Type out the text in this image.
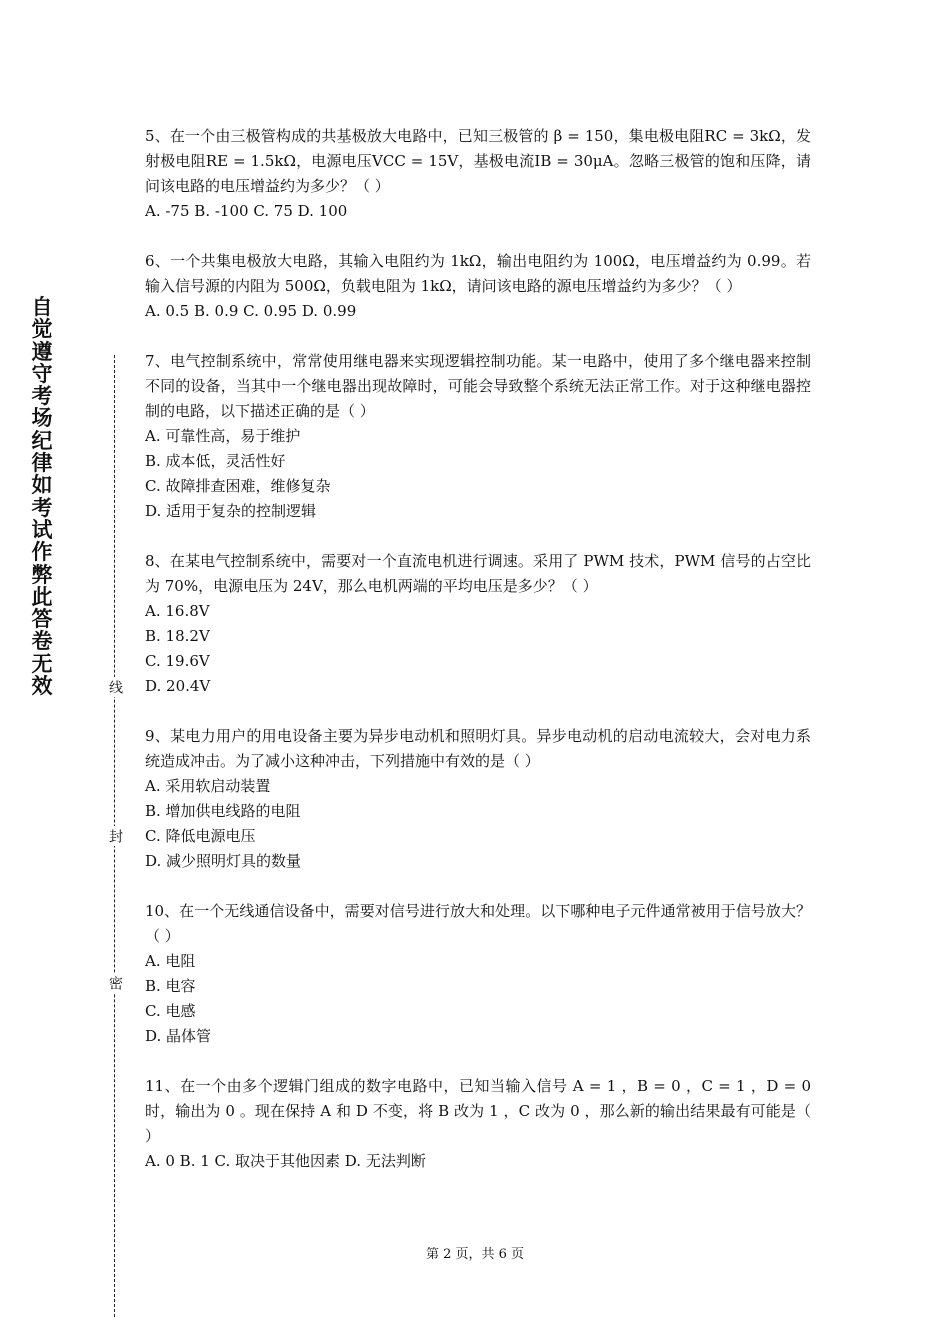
自觉遵守考场纪律如考试作弊此答卷无效	线
封
密
5、在一个由三极管构成的共基极放大电路中，已知三极管的 β = 150，集电极电阻RC = 3kΩ，发射极电阻RE = 1.5kΩ，电源电压VCC = 15V，基极电流IB = 30μA。忽略三极管的饱和压降，请问该电路的电压增益约为多少？（ ）
A. -75 B. -100 C. 75 D. 100
6、一个共集电极放大电路，其输入电阻约为 1kΩ，输出电阻约为 100Ω，电压增益约为 0.99。若输入信号源的内阻为 500Ω，负载电阻为 1kΩ，请问该电路的源电压增益约为多少？（ ）
A. 0.5 B. 0.9 C. 0.95 D. 0.99
7、电气控制系统中，常常使用继电器来实现逻辑控制功能。某一电路中，使用了多个继电器来控制不同的设备，当其中一个继电器出现故障时，可能会导致整个系统无法正常工作。对于这种继电器控制的电路，以下描述正确的是（ ）
A. 可靠性高，易于维护
B. 成本低，灵活性好
C. 故障排查困难，维修复杂
D. 适用于复杂的控制逻辑
8、在某电气控制系统中，需要对一个直流电机进行调速。采用了 PWM 技术，PWM 信号的占空比为 70%，电源电压为 24V，那么电机两端的平均电压是多少？（ ）
A. 16.8V
B. 18.2V
C. 19.6V
D. 20.4V
9、某电力用户的用电设备主要为异步电动机和照明灯具。异步电动机的启动电流较大，会对电力系统造成冲击。为了减小这种冲击，下列措施中有效的是（ ）
A. 采用软启动装置
B. 增加供电线路的电阻
C. 降低电源电压
D. 减少照明灯具的数量
10、在一个无线通信设备中，需要对信号进行放大和处理。以下哪种电子元件通常被用于信号放大？（ ）
A. 电阻
B. 电容
C. 电感
D. 晶体管
11、在一个由多个逻辑门组成的数字电路中，已知当输入信号 A = 1 ，B = 0 ，C = 1 ，D = 0 时，输出为 0 。现在保持 A 和 D 不变，将 B 改为 1 ，C 改为 0 ，那么新的输出结果最有可能是（ ）
A. 0 B. 1 C. 取决于其他因素 D. 无法判断
第 2 页，共 6 页
